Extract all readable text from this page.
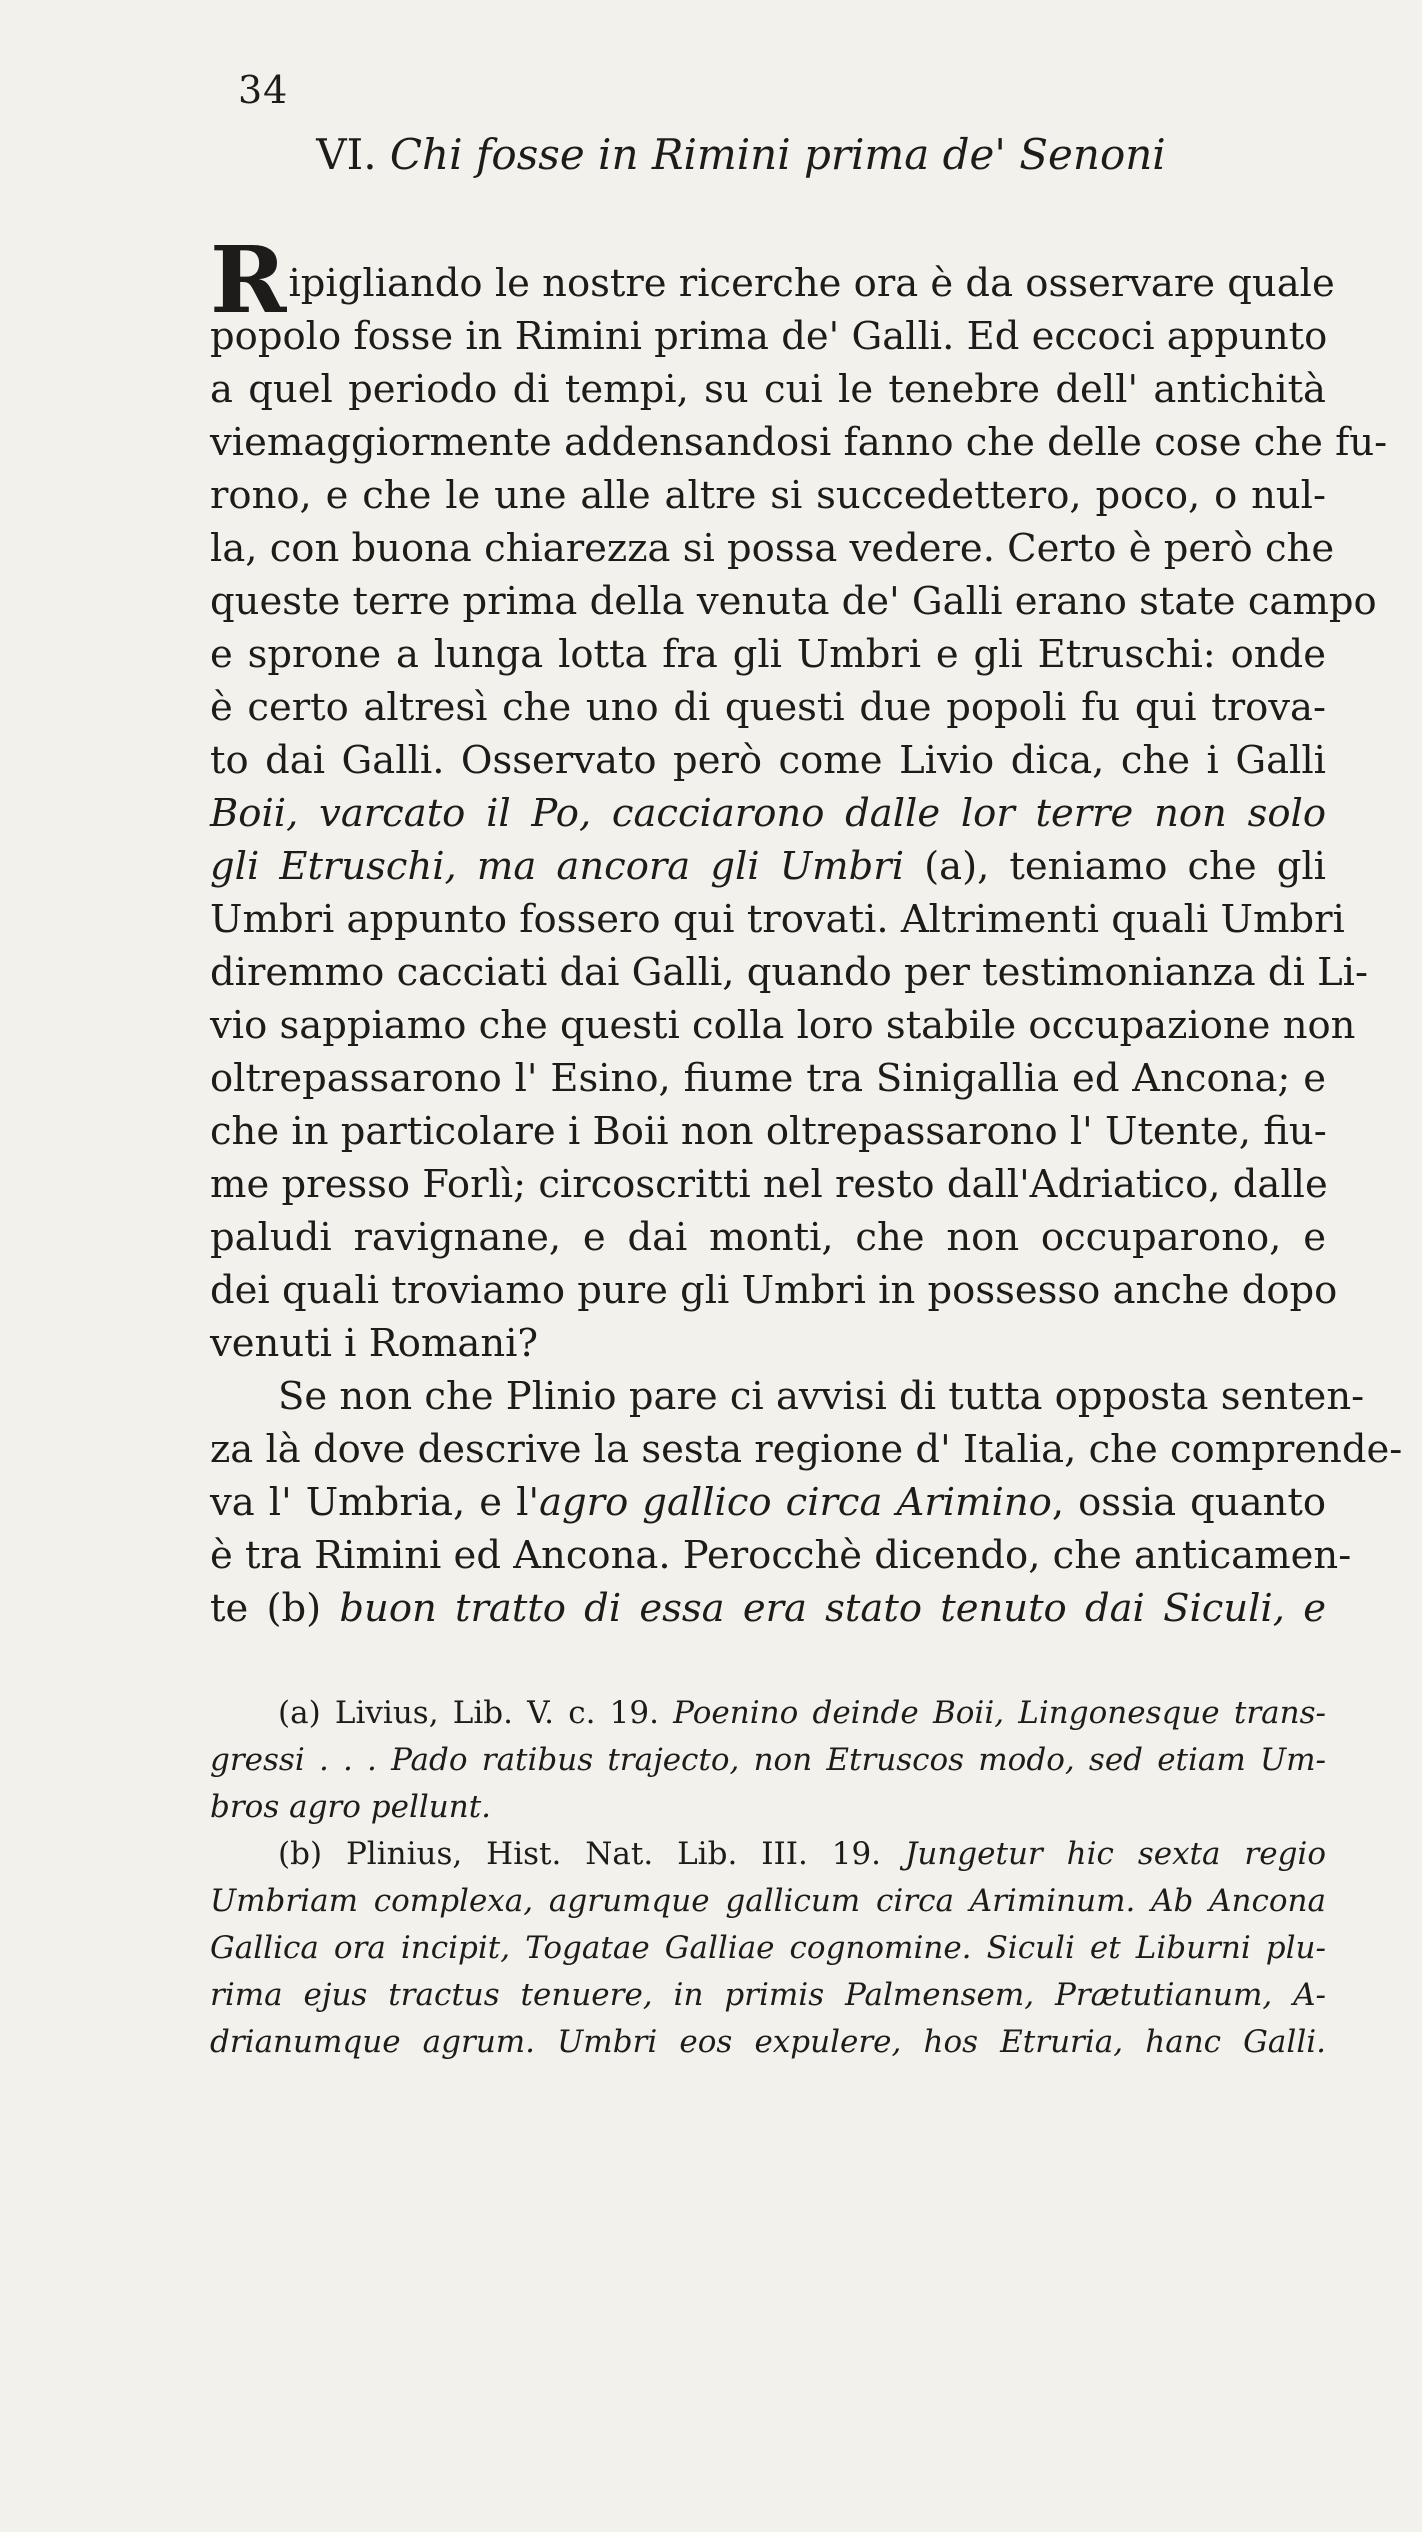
34
VI. Chi fosse in Rimini prima de' Senoni
Ripigliando le nostre ricerche ora è da osservare quale
popolo fosse in Rimini prima de' Galli. Ed eccoci appunto
a quel periodo di tempi, su cui le tenebre dell' antichità
viemaggiormente addensandosi fanno che delle cose che fu-
rono, e che le une alle altre si succedettero, poco, o nul-
la, con buona chiarezza si possa vedere. Certo è però che
queste terre prima della venuta de' Galli erano state campo
e sprone a lunga lotta fra gli Umbri e gli Etruschi: onde
è certo altresì che uno di questi due popoli fu qui trova-
to dai Galli. Osservato però come Livio dica, che i Galli
Boii, varcato il Po, cacciarono dalle lor terre non solo
gli Etruschi, ma ancora gli Umbri (a), teniamo che gli
Umbri appunto fossero qui trovati. Altrimenti quali Umbri
diremmo cacciati dai Galli, quando per testimonianza di Li-
vio sappiamo che questi colla loro stabile occupazione non
oltrepassarono l' Esino, fiume tra Sinigallia ed Ancona; e
che in particolare i Boii non oltrepassarono l' Utente, fiu-
me presso Forlì; circoscritti nel resto dall'Adriatico, dalle
paludi ravignane, e dai monti, che non occuparono, e
dei quali troviamo pure gli Umbri in possesso anche dopo
venuti i Romani?
Se non che Plinio pare ci avvisi di tutta opposta senten-
za là dove descrive la sesta regione d' Italia, che comprende-
va l' Umbria, e l'agro gallico circa Arimino, ossia quanto
è tra Rimini ed Ancona. Perocchè dicendo, che anticamen-
te (b) buon tratto di essa era stato tenuto dai Siculi, e
(a) Livius, Lib. V. c. 19. Poenino deinde Boii, Lingonesque trans-
gressi . . . Pado ratibus trajecto, non Etruscos modo, sed etiam Um-
bros agro pellunt.
(b) Plinius, Hist. Nat. Lib. III. 19. Jungetur hic sexta regio
Umbriam complexa, agrumque gallicum circa Ariminum. Ab Ancona
Gallica ora incipit, Togatae Galliae cognomine. Siculi et Liburni plu-
rima ejus tractus tenuere, in primis Palmensem, Prætutianum, A-
drianumque agrum. Umbri eos expulere, hos Etruria, hanc Galli.
